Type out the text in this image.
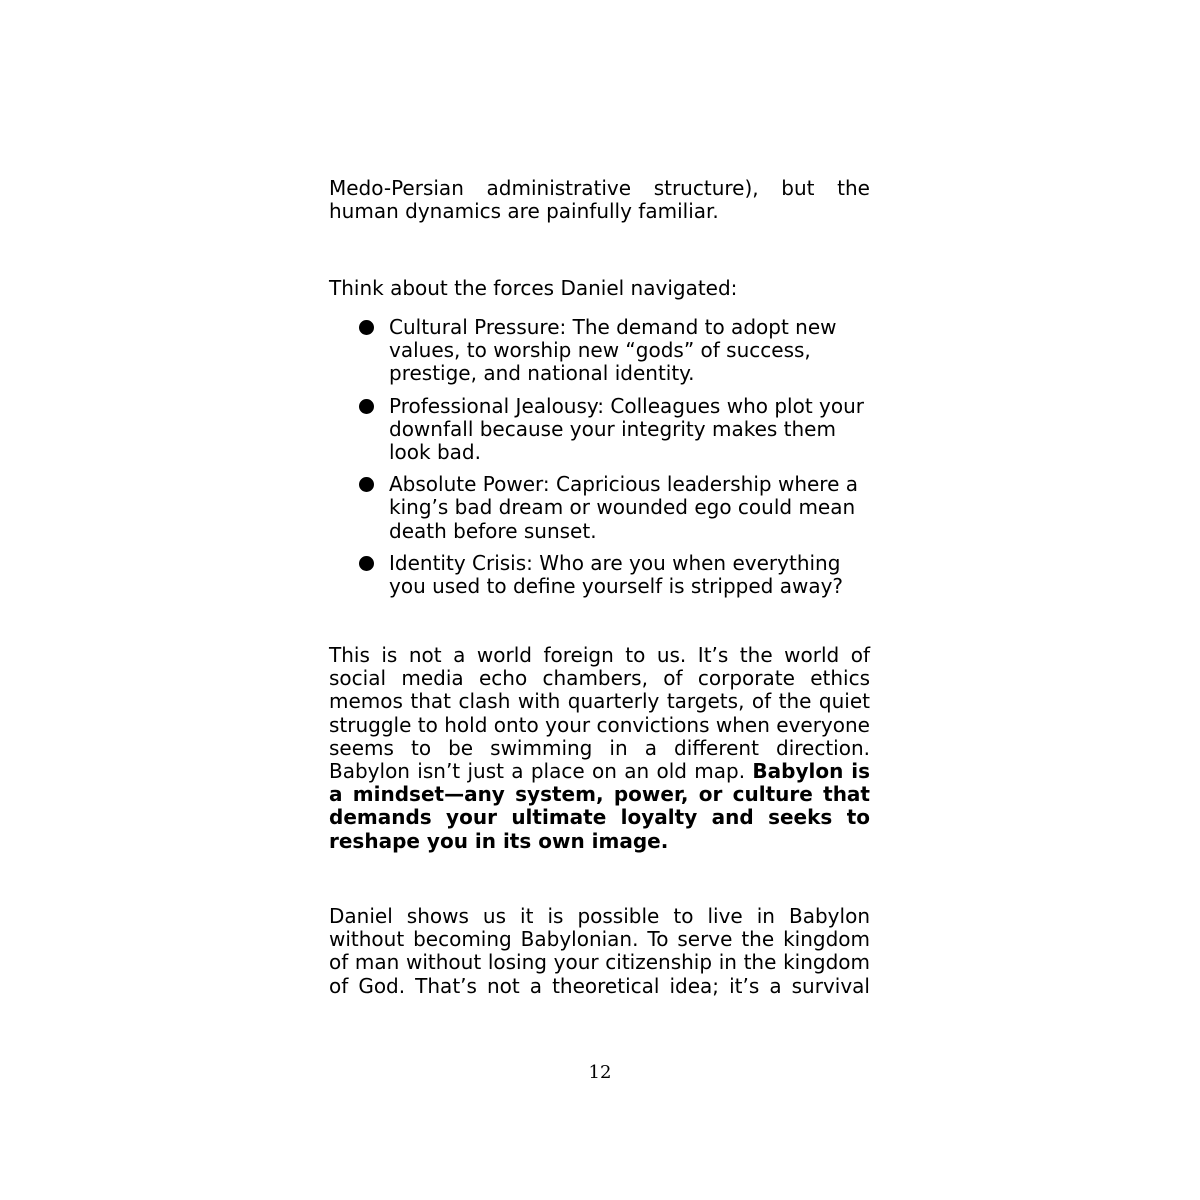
Medo-Persian administrative structure), but the
human dynamics are painfully familiar.
Think about the forces Daniel navigated:
Cultural Pressure: The demand to adopt new values, to worship new “gods” of success, prestige, and national identity.
Professional Jealousy: Colleagues who plot your downfall because your integrity makes them look bad.
Absolute Power: Capricious leadership where a king’s bad dream or wounded ego could mean death before sunset.
Identity Crisis: Who are you when everything you used to define yourself is stripped away?
This is not a world foreign to us. It’s the world of social media echo chambers, of corporate ethics memos that clash with quarterly targets, of the quiet struggle to hold onto your convictions when everyone seems to be swimming in a different direction. Babylon isn’t just a place on an old map. Babylon is a mindset—any system, power, or culture that demands your ultimate loyalty and seeks to reshape you in its own image.
Daniel shows us it is possible to live in Babylon without becoming Babylonian. To serve the kingdom of man without losing your citizenship in the kingdom of God. That’s not a theoretical idea; it’s a survival
12
